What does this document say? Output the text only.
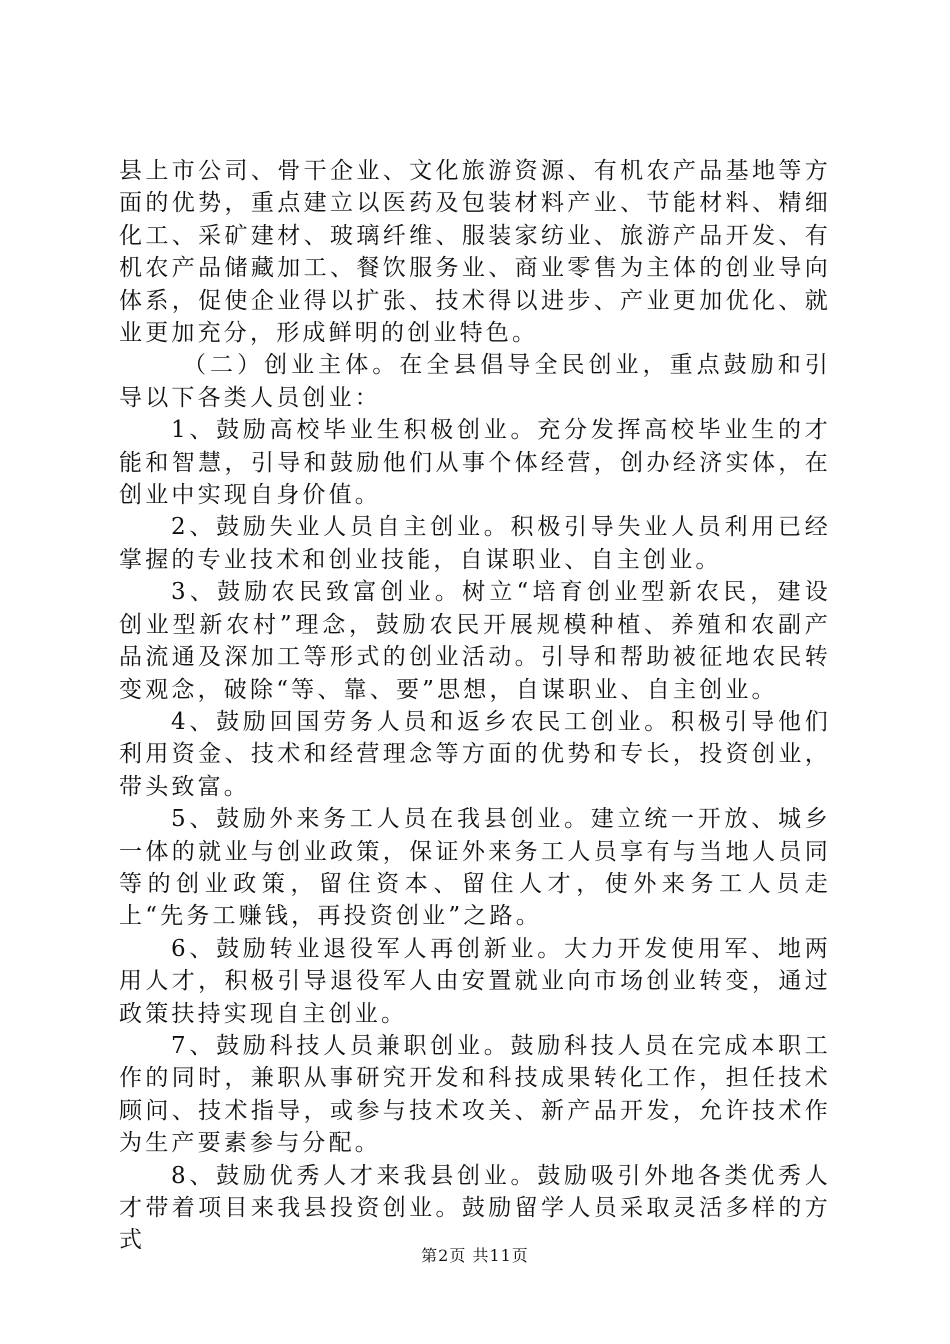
县上市公司、骨干企业、文化旅游资源、有机农产品基地等方面的优势，重点建立以医药及包装材料产业、节能材料、精细化工、采矿建材、玻璃纤维、服装家纺业、旅游产品开发、有机农产品储藏加工、餐饮服务业、商业零售为主体的创业导向体系，促使企业得以扩张、技术得以进步、产业更加优化、就业更加充分，形成鲜明的创业特色。

（二）创业主体。在全县倡导全民创业，重点鼓励和引导以下各类人员创业：

1、鼓励高校毕业生积极创业。充分发挥高校毕业生的才能和智慧，引导和鼓励他们从事个体经营，创办经济实体，在创业中实现自身价值。

2、鼓励失业人员自主创业。积极引导失业人员利用已经掌握的专业技术和创业技能，自谋职业、自主创业。

3、鼓励农民致富创业。树立“培育创业型新农民，建设创业型新农村”理念，鼓励农民开展规模种植、养殖和农副产品流通及深加工等形式的创业活动。引导和帮助被征地农民转变观念，破除“等、靠、要”思想，自谋职业、自主创业。

4、鼓励回国劳务人员和返乡农民工创业。积极引导他们利用资金、技术和经营理念等方面的优势和专长，投资创业，带头致富。

5、鼓励外来务工人员在我县创业。建立统一开放、城乡一体的就业与创业政策，保证外来务工人员享有与当地人员同等的创业政策，留住资本、留住人才，使外来务工人员走上“先务工赚钱，再投资创业”之路。

6、鼓励转业退役军人再创新业。大力开发使用军、地两用人才，积极引导退役军人由安置就业向市场创业转变，通过政策扶持实现自主创业。

7、鼓励科技人员兼职创业。鼓励科技人员在完成本职工作的同时，兼职从事研究开发和科技成果转化工作，担任技术顾问、技术指导，或参与技术攻关、新产品开发，允许技术作为生产要素参与分配。

8、鼓励优秀人才来我县创业。鼓励吸引外地各类优秀人才带着项目来我县投资创业。鼓励留学人员采取灵活多样的方式

第2页 共11页
